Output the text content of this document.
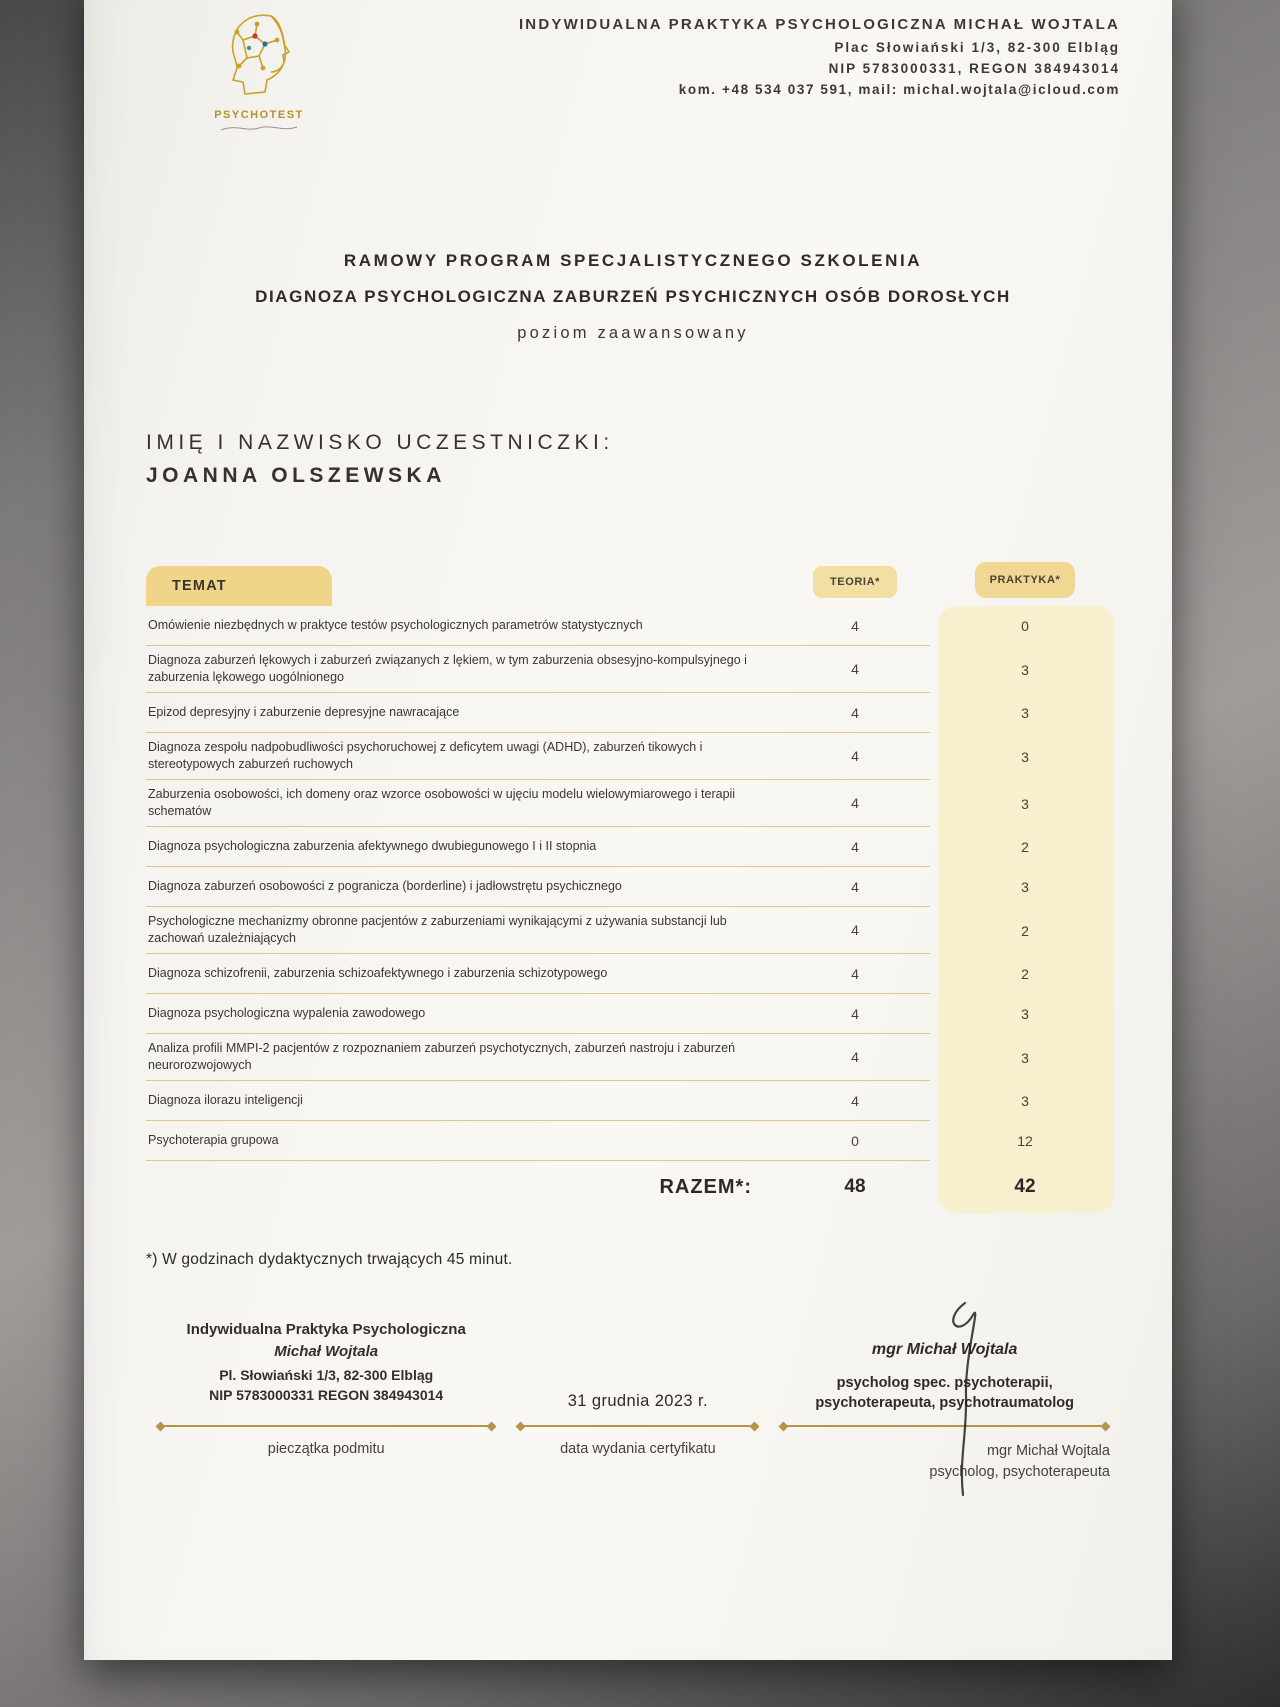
PSYCHOTEST
INDYWIDUALNA PRAKTYKA PSYCHOLOGICZNA MICHAŁ WOJTALA
Plac Słowiański 1/3, 82-300 Elbląg
NIP 5783000331, REGON 384943014
kom. +48 534 037 591, mail: michal.wojtala@icloud.com
RAMOWY PROGRAM SPECJALISTYCZNEGO SZKOLENIA
DIAGNOZA PSYCHOLOGICZNA ZABURZEŃ PSYCHICZNYCH OSÓB DOROSŁYCH
poziom zaawansowany
IMIĘ I NAZWISKO UCZESTNICZKI:
JOANNA OLSZEWSKA
TEMAT	TEORIA*	PRAKTYKA*
Omówienie niezbędnych w praktyce testów psychologicznych parametrów statystycznych	4	0
Diagnoza zaburzeń lękowych i zaburzeń związanych z lękiem, w tym zaburzenia obsesyjno-kompulsyjnego i zaburzenia lękowego uogólnionego	4	3
Epizod depresyjny i zaburzenie depresyjne nawracające	4	3
Diagnoza zespołu nadpobudliwości psychoruchowej z deficytem uwagi (ADHD), zaburzeń tikowych i stereotypowych zaburzeń ruchowych	4	3
Zaburzenia osobowości, ich domeny oraz wzorce osobowości w ujęciu modelu wielowymiarowego i terapii schematów	4	3
Diagnoza psychologiczna zaburzenia afektywnego dwubiegunowego I i II stopnia	4	2
Diagnoza zaburzeń osobowości z pogranicza (borderline) i jadłowstrętu psychicznego	4	3
Psychologiczne mechanizmy obronne pacjentów z zaburzeniami wynikającymi z używania substancji lub zachowań uzależniających	4	2
Diagnoza schizofrenii, zaburzenia schizoafektywnego i zaburzenia schizotypowego	4	2
Diagnoza psychologiczna wypalenia zawodowego	4	3
Analiza profili MMPI-2 pacjentów z rozpoznaniem zaburzeń psychotycznych, zaburzeń nastroju i zaburzeń neurorozwojowych	4	3
Diagnoza ilorazu inteligencji	4	3
Psychoterapia grupowa	0	12
RAZEM*:	48	42
*) W godzinach dydaktycznych trwających 45 minut.
Indywidualna Praktyka Psychologiczna
Michał Wojtala
Pl. Słowiański 1/3, 82-300 Elbląg
NIP 5783000331 REGON 384943014
pieczątka podmitu
31 grudnia 2023 r.
data wydania certyfikatu
mgr Michał Wojtala
psycholog spec. psychoterapii,
psychoterapeuta, psychotraumatolog
mgr Michał Wojtala
psycholog, psychoterapeuta
